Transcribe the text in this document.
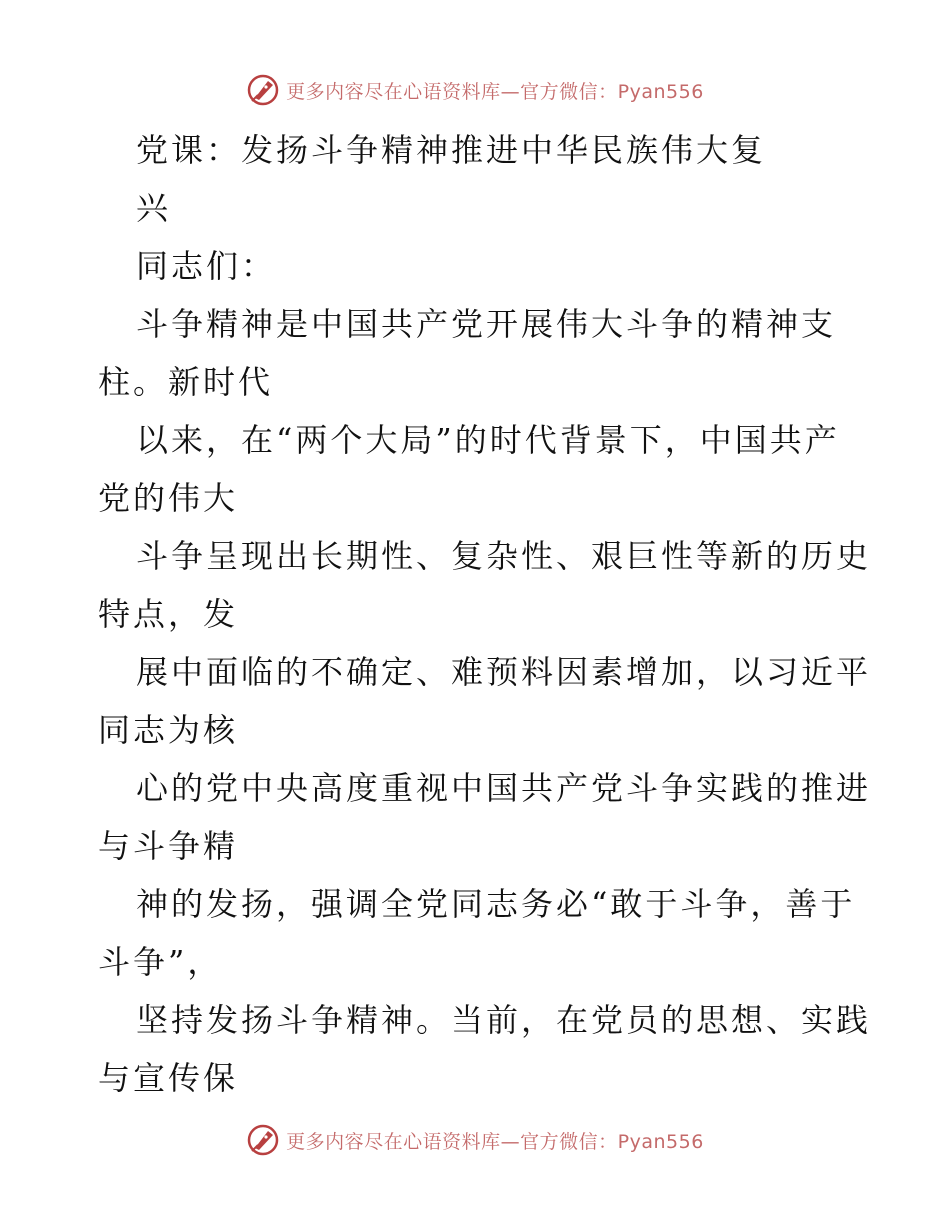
更多内容尽在心语资料库—官方微信：Pyan556
党课：发扬斗争精神推进中华民族伟大复
兴
同志们：
斗争精神是中国共产党开展伟大斗争的精神支
柱。新时代
以来，在“两个大局”的时代背景下，中国共产
党的伟大
斗争呈现出长期性、复杂性、艰巨性等新的历史
特点，发
展中面临的不确定、难预料因素增加，以习近平
同志为核
心的党中央高度重视中国共产党斗争实践的推进
与斗争精
神的发扬，强调全党同志务必“敢于斗争，善于
斗争”，
坚持发扬斗争精神。当前，在党员的思想、实践
与宣传保
更多内容尽在心语资料库—官方微信：Pyan556
